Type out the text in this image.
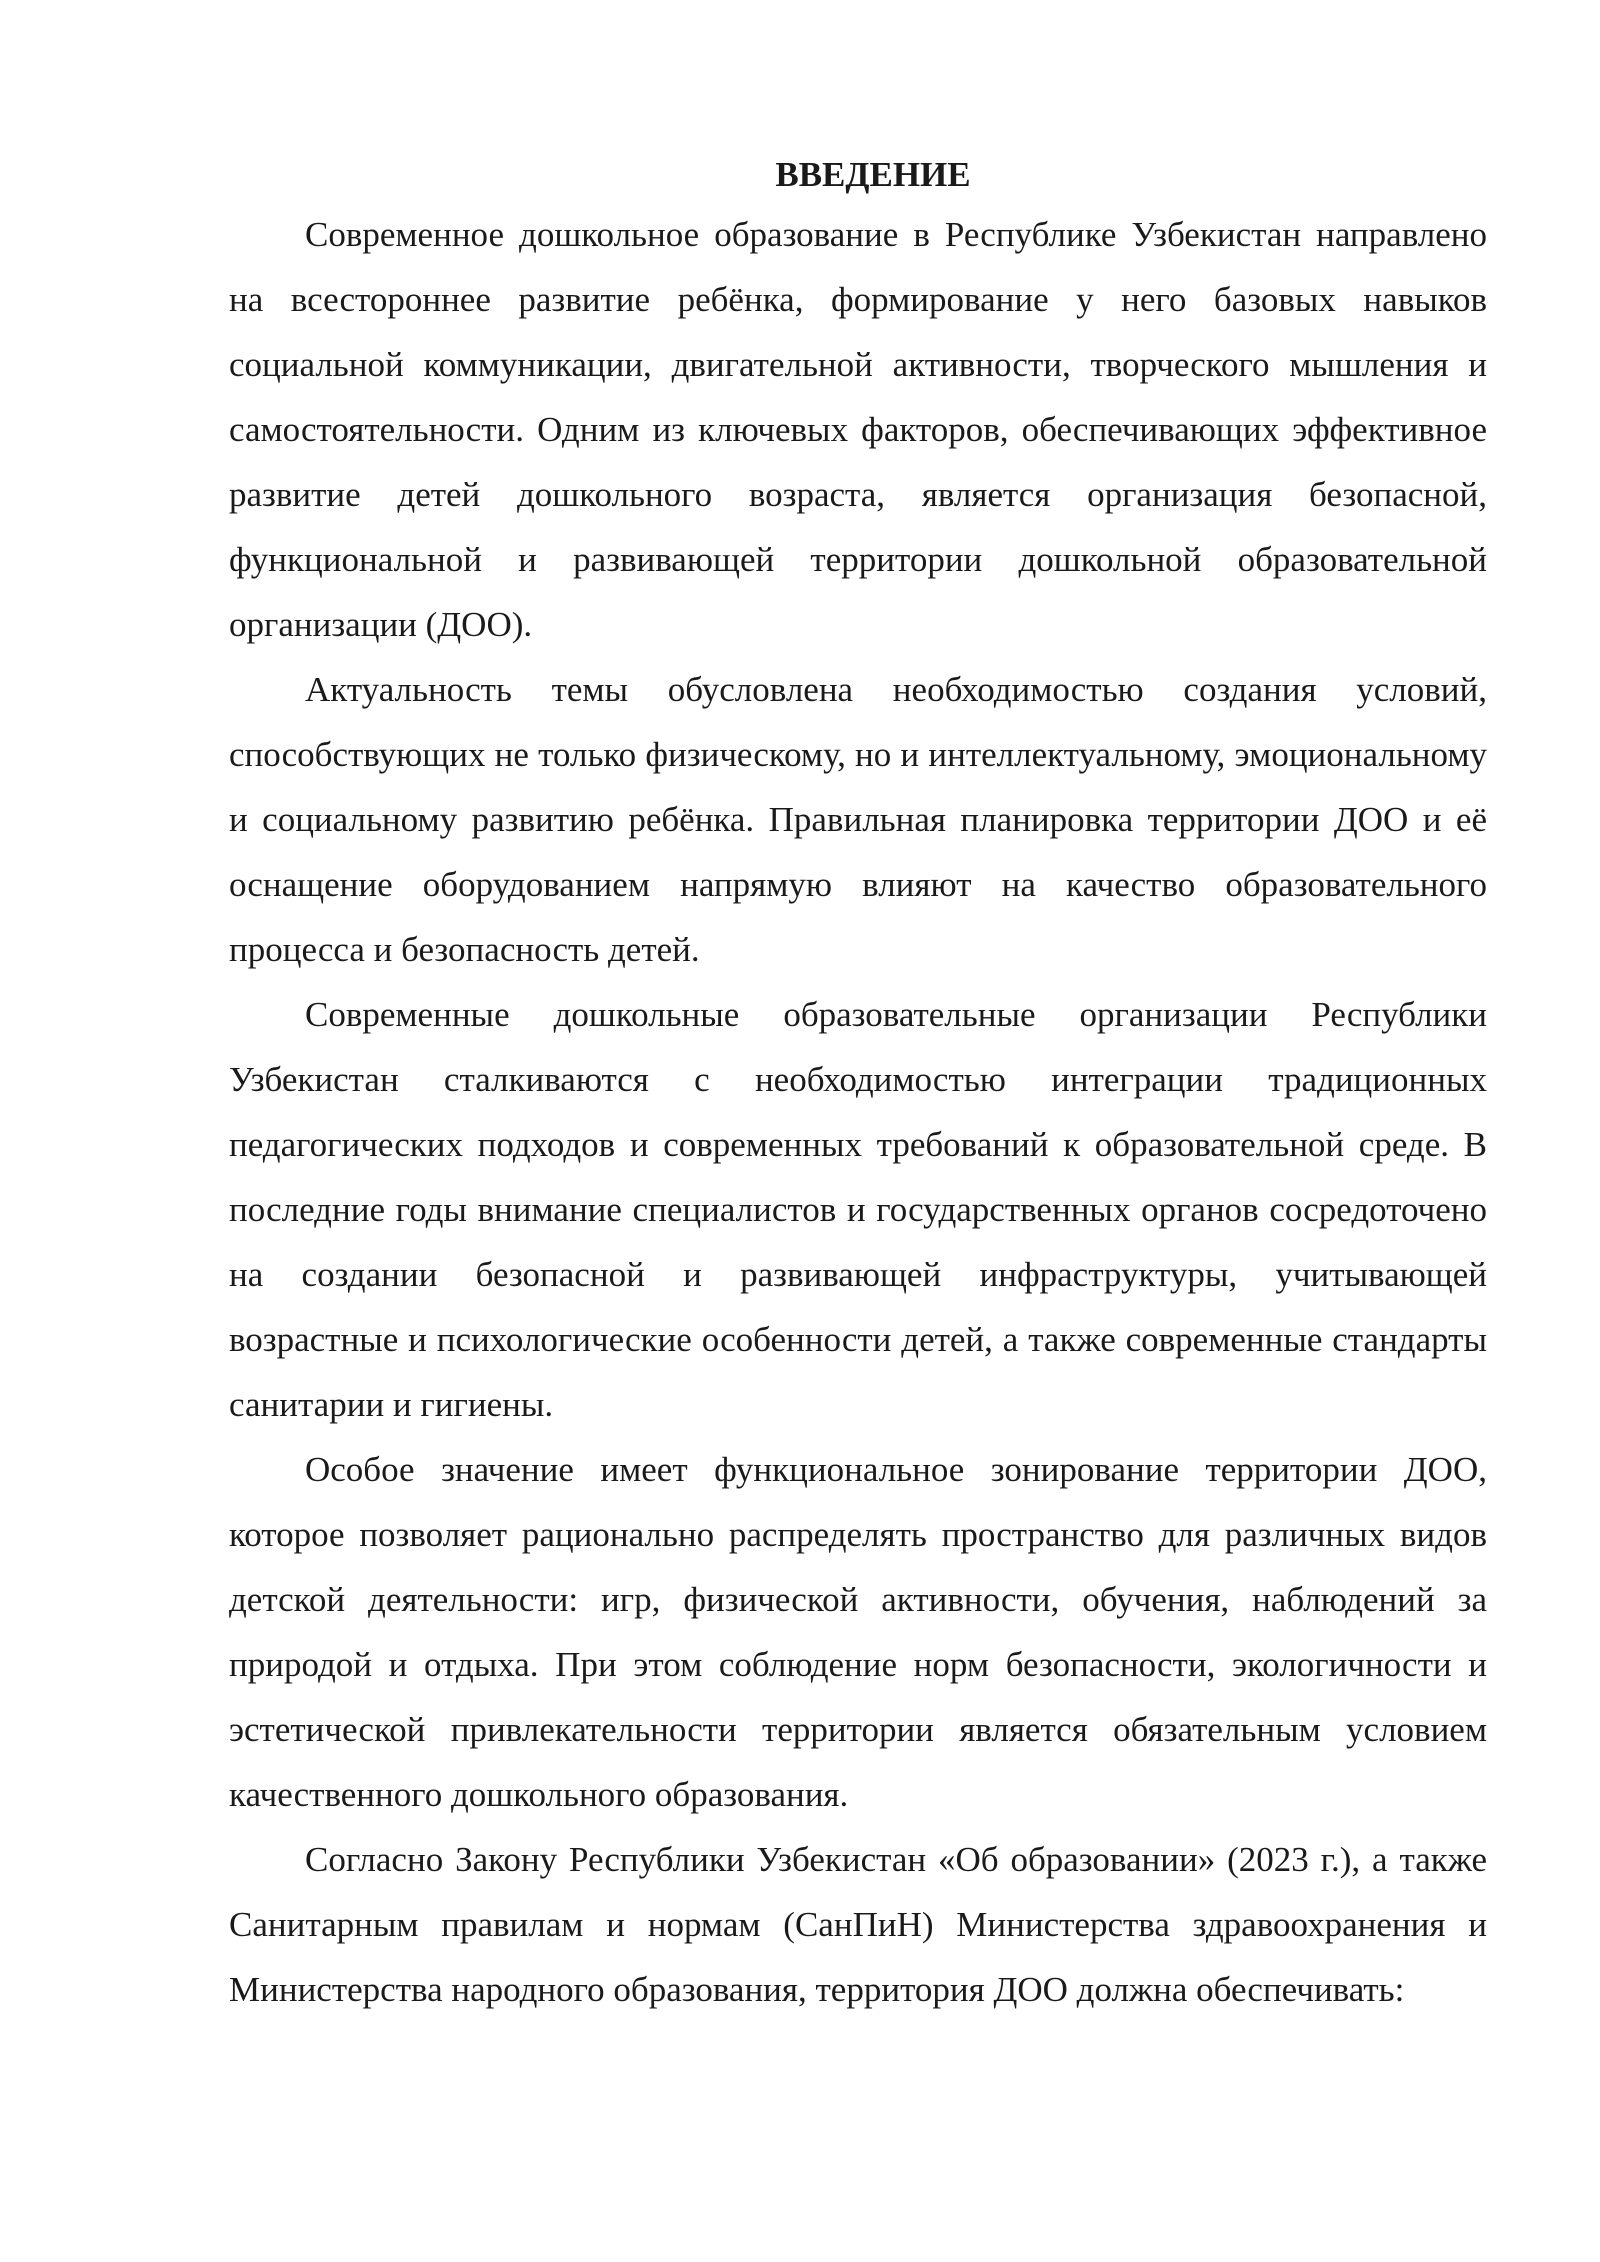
ВВЕДЕНИЕ

Современное дошкольное образование в Республике Узбекистан направлено на всестороннее развитие ребёнка, формирование у него базовых навыков социальной коммуникации, двигательной активности, творческого мышления и самостоятельности. Одним из ключевых факторов, обеспечивающих эффективное развитие детей дошкольного возраста, является организация безопасной, функциональной и развивающей территории дошкольной образовательной организации (ДОО).

Актуальность темы обусловлена необходимостью создания условий, способствующих не только физическому, но и интеллектуальному, эмоциональному и социальному развитию ребёнка. Правильная планировка территории ДОО и её оснащение оборудованием напрямую влияют на качество образовательного процесса и безопасность детей.

Современные дошкольные образовательные организации Республики Узбекистан сталкиваются с необходимостью интеграции традиционных педагогических подходов и современных требований к образовательной среде. В последние годы внимание специалистов и государственных органов сосредоточено на создании безопасной и развивающей инфраструктуры, учитывающей возрастные и психологические особенности детей, а также современные стандарты санитарии и гигиены.

Особое значение имеет функциональное зонирование территории ДОО, которое позволяет рационально распределять пространство для различных видов детской деятельности: игр, физической активности, обучения, наблюдений за природой и отдыха. При этом соблюдение норм безопасности, экологичности и эстетической привлекательности территории является обязательным условием качественного дошкольного образования.

Согласно Закону Республики Узбекистан «Об образовании» (2023 г.), а также Санитарным правилам и нормам (СанПиН) Министерства здравоохранения и Министерства народного образования, территория ДОО должна обеспечивать:
